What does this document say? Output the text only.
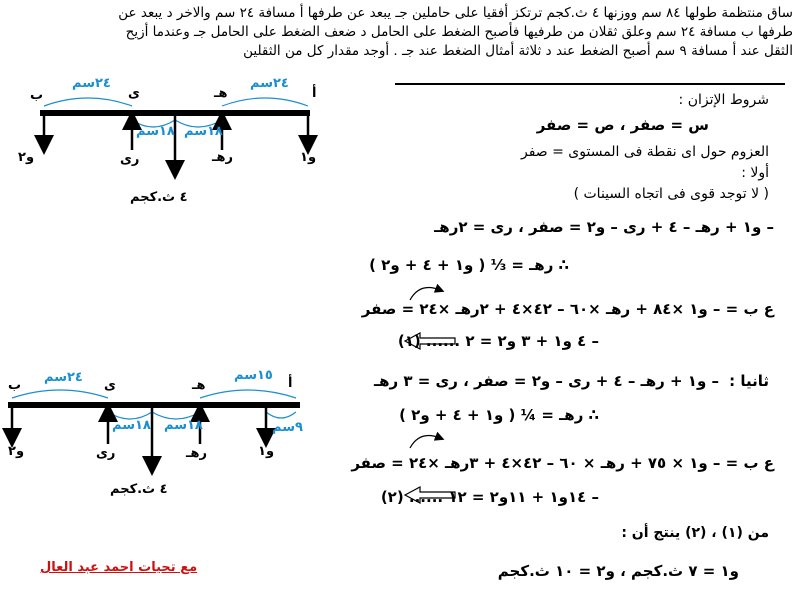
ساق منتظمة طولها ٨٤ سم ووزنها ٤ ث.كجم ترتكز أفقيا على حاملين جـ يبعد عن طرفها أ مسافة ٢٤ سم والاخر د يبعد عن
طرفها ب مسافة ٢٤ سم وعلق ثقلان من طرفيها فأصبح الضغط على الحامل د ضعف الضغط على الحامل جـ وعندما أزيح
الثقل عند أ مسافة ٩ سم أصبح الضغط عند د ثلاثة أمثال الضغط عند جـ . أوجد مقدار كل من الثقلين
ب	ى	هـ	أ
٢٤سم	٢٤سم
١٨سم ١٨سم
و٢	و١
رى	رهـ
٤ ث.كجم
ب	ى	هـ	أ
٢٤سم	١٥سم
١٨سم ١٨سم	٩سم
و٢	و١
رى	رهـ
٤ ث.كجم
شروط الإتزان :
س = صفر ، ص = صفر
العزوم حول اى نقطة فى المستوى = صفر
أولا :
( لا توجد قوى فى اتجاه السينات )
– و١ + رهـ – ٤ + رى – و٢ = صفر ، رى = ٢رهـ
∴ رهـ = ⅓ ( و١ + ٤ + و٢ )
ع ب = – و١ ×٨٤ + رهـ ×٦٠ – ٤٢×٤ + ٢رهـ ×٢٤ = صفر
– ٤ و١ + ٣ و٢ = ٢ ...... (١)
ثانيا :
– و١ + رهـ – ٤ + رى – و٢ = صفر ، رى = ٣ رهـ
∴ رهـ = ¼ ( و١ + ٤ + و٢ )
ع ب = – و١ × ٧٥ + رهـ × ٦٠ – ٤٢×٤ + ٣رهـ ×٢٤ = صفر
– ١٤و١ + ١١و٢ = ١٢ ...... (٢)
من (١) ، (٢) ينتج أن :
و١ = ٧ ث.كجم ، و٢ = ١٠ ث.كجم
مع تحيات احمد عبد العال
